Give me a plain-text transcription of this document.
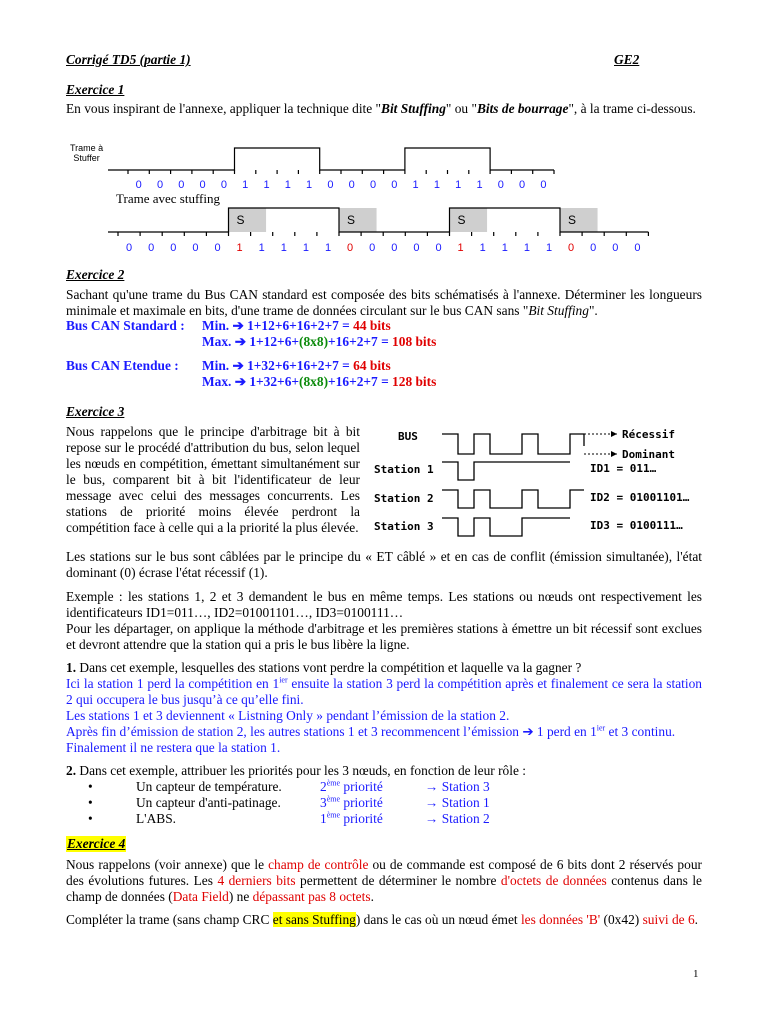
Corrigé TD5 (partie 1)	GE2
Exercice 1
En vous inspirant de l'annexe, appliquer la technique dite "Bit Stuffing" ou "Bits de bourrage", à la trame ci-dessous.
Trame à
Stuffer
S	S	S	S
Trame avec stuffing
0 0 0 0 0 1 1 1 1 0 0 0 0 1 1 1 1 0 0 0
0 0 0 0 0 1 1 1 1 1 0 0 0 0 0 1 1 1 1 1 0 0 0 0
Exercice 2
Sachant qu'une trame du Bus CAN standard est composée des bits schématisés à l'annexe. Déterminer les longueurs minimale et maximale en bits, d'une trame de données circulant sur le bus CAN sans "Bit Stuffing".
Bus CAN Standard : Min. ➔ 1+12+6+16+2+7 = 44 bits
Max. ➔ 1+12+6+(8x8)+16+2+7 = 108 bits
Bus CAN Etendue : Min. ➔ 1+32+6+16+2+7 = 64 bits
Max. ➔ 1+32+6+(8x8)+16+2+7 = 128 bits
Exercice 3
Nous rappelons que le principe d'arbitrage bit à bit repose sur le procédé d'attribution du bus, selon lequel les nœuds en compétition, émettant simultanément sur le bus, comparent bit à bit l'identificateur de leur message avec celui des messages concurrents. Les stations de priorité moins élevée perdront la compétition face à celle qui a la priorité la plus élevée.
BUS	Récessif
Dominant
Station 1
Station 2
Station 3
ID1 = 011…
ID2 = 01001101…
ID3 = 0100111…
Les stations sur le bus sont câblées par le principe du « ET câblé » et en cas de conflit (émission simultanée), l'état dominant (0) écrase l'état récessif (1).
Exemple : les stations 1, 2 et 3 demandent le bus en même temps. Les stations ou nœuds ont respectivement les identificateurs ID1=011…, ID2=01001101…, ID3=0100111…
Pour les départager, on applique la méthode d'arbitrage et les premières stations à émettre un bit récessif sont exclues et devront attendre que la station qui a pris le bus libère la ligne.
1. Dans cet exemple, lesquelles des stations vont perdre la compétition et laquelle va la gagner ?
Ici la station 1 perd la compétition en $1^{ier}$ ensuite la station 3 perd la compétition après et finalement ce sera la station 2 qui occupera le bus jusqu’à ce qu’elle fini.
Les stations 1 et 3 deviennent « Listning Only » pendant l’émission de la station 2.
Après fin d’émission de station 2, les autres stations 1 et 3 recommencent l’émission ➔ 1 perd en $1^{ier}$ et 3 continu.
Finalement il ne restera que la station 1.
2. Dans cet exemple, attribuer les priorités pour les 3 nœuds, en fonction de leur rôle :
•	Un capteur de température.	2ème priorité	→ Station 3
•	Un capteur d'anti-patinage.	3ème priorité	→ Station 1
•	L'ABS.	1ème priorité	→ Station 2
Exercice 4
Nous rappelons (voir annexe) que le champ de contrôle ou de commande est composé de 6 bits dont 2 réservés pour des évolutions futures. Les 4 derniers bits permettent de déterminer le nombre d'octets de données contenus dans le champ de données (Data Field) ne dépassant pas 8 octets.
Compléter la trame (sans champ CRC et sans Stuffing) dans le cas où un nœud émet les données 'B' (0x42) suivi de 6.
1
